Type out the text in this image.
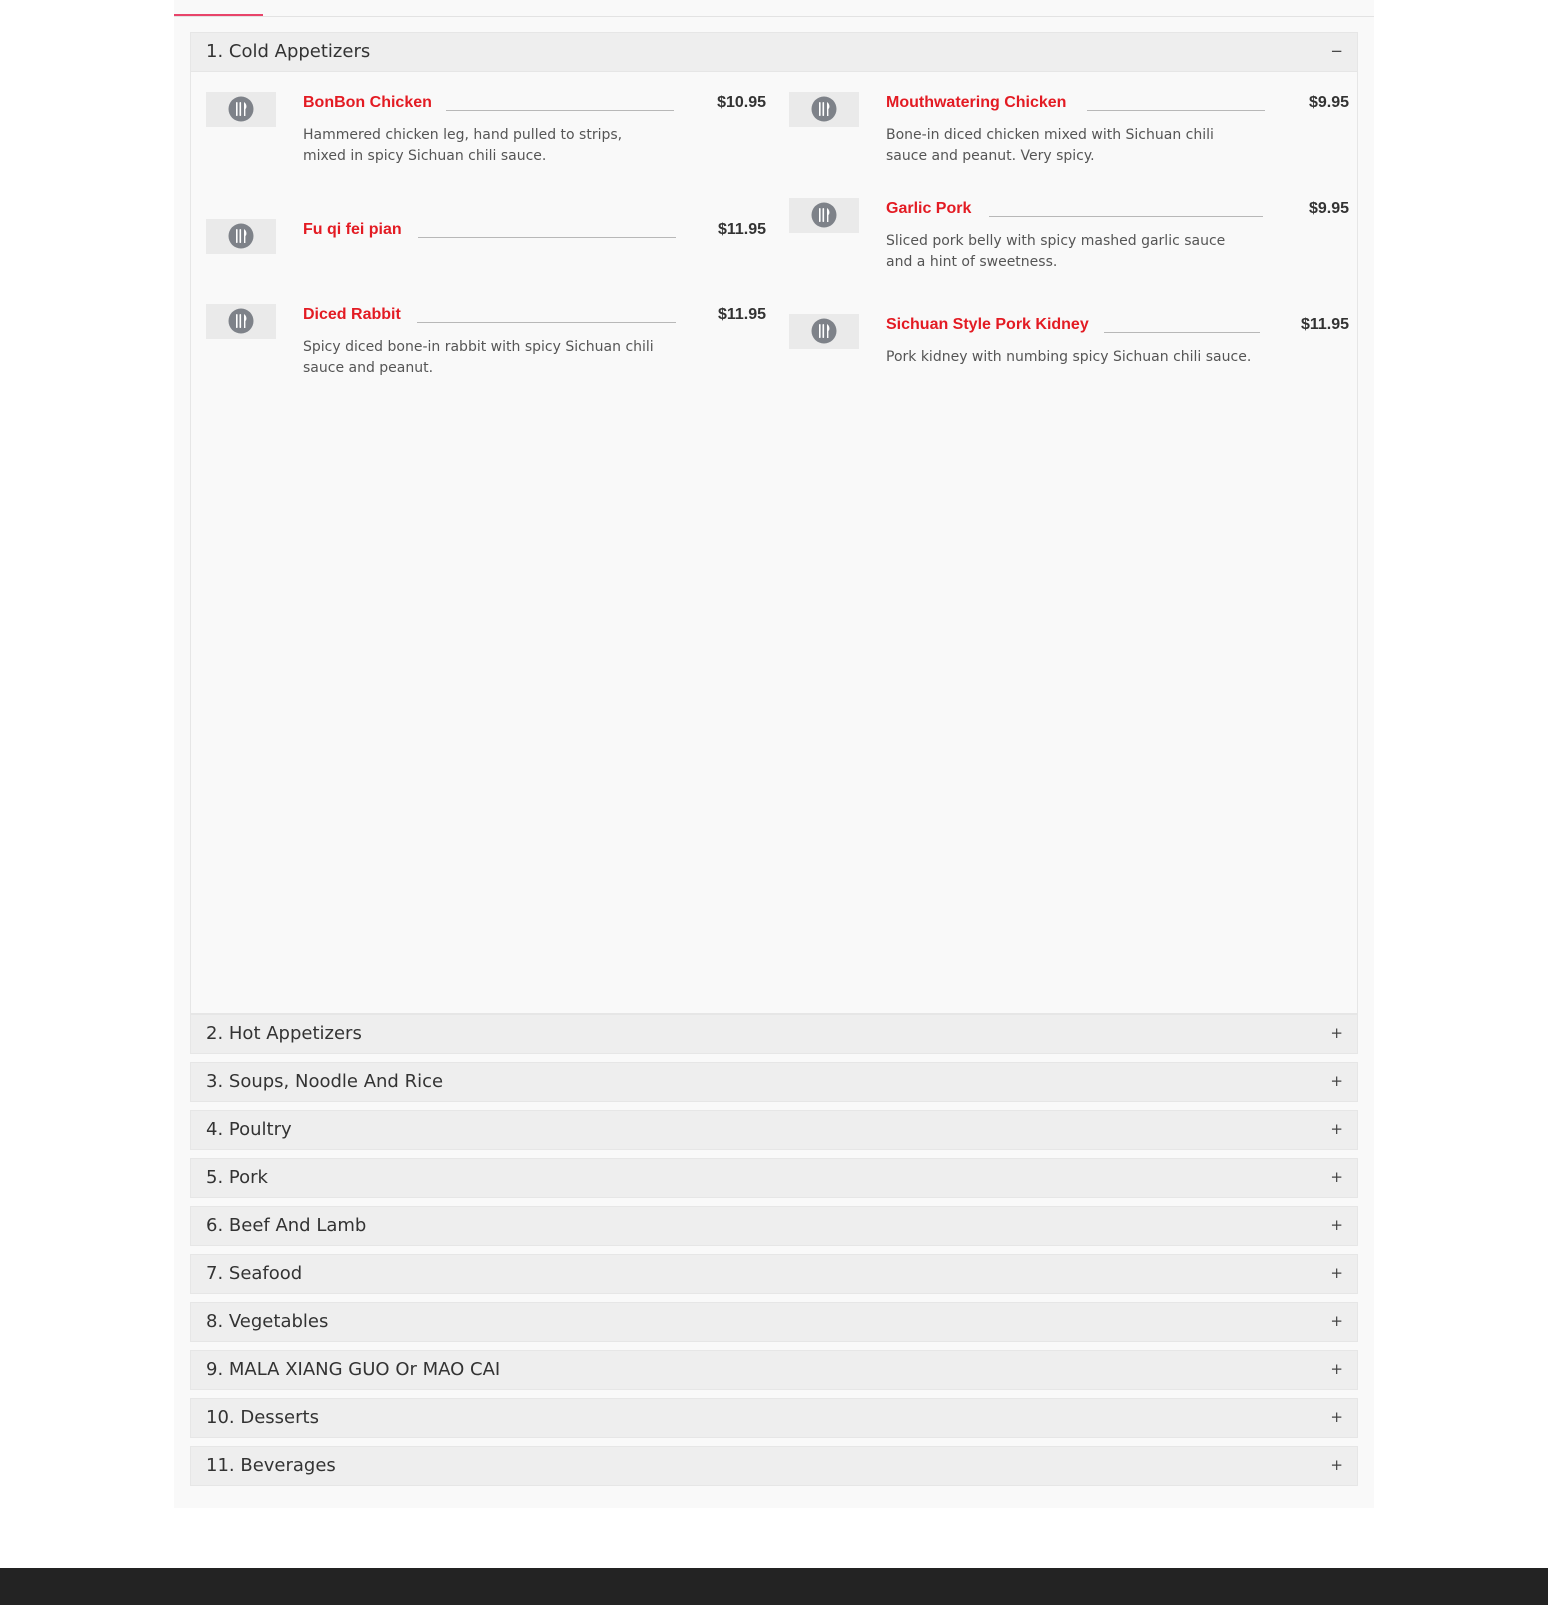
1. Cold Appetizers	−
BonBon Chicken	$10.95
Hammered chicken leg, hand pulled to strips, mixed in spicy Sichuan chili sauce.
Mouthwatering Chicken	$9.95
Bone-in diced chicken mixed with Sichuan chili sauce and peanut. Very spicy.
Fu qi fei pian	$11.95
Garlic Pork	$9.95
Sliced pork belly with spicy mashed garlic sauce and a hint of sweetness.
Diced Rabbit	$11.95
Spicy diced bone-in rabbit with spicy Sichuan chili sauce and peanut.
Sichuan Style Pork Kidney	$11.95
Pork kidney with numbing spicy Sichuan chili sauce.
2. Hot Appetizers	+
3. Soups, Noodle And Rice	+
4. Poultry	+
5. Pork	+
6. Beef And Lamb	+
7. Seafood	+
8. Vegetables	+
9. MALA XIANG GUO Or MAO CAI	+
10. Desserts	+
11. Beverages	+
